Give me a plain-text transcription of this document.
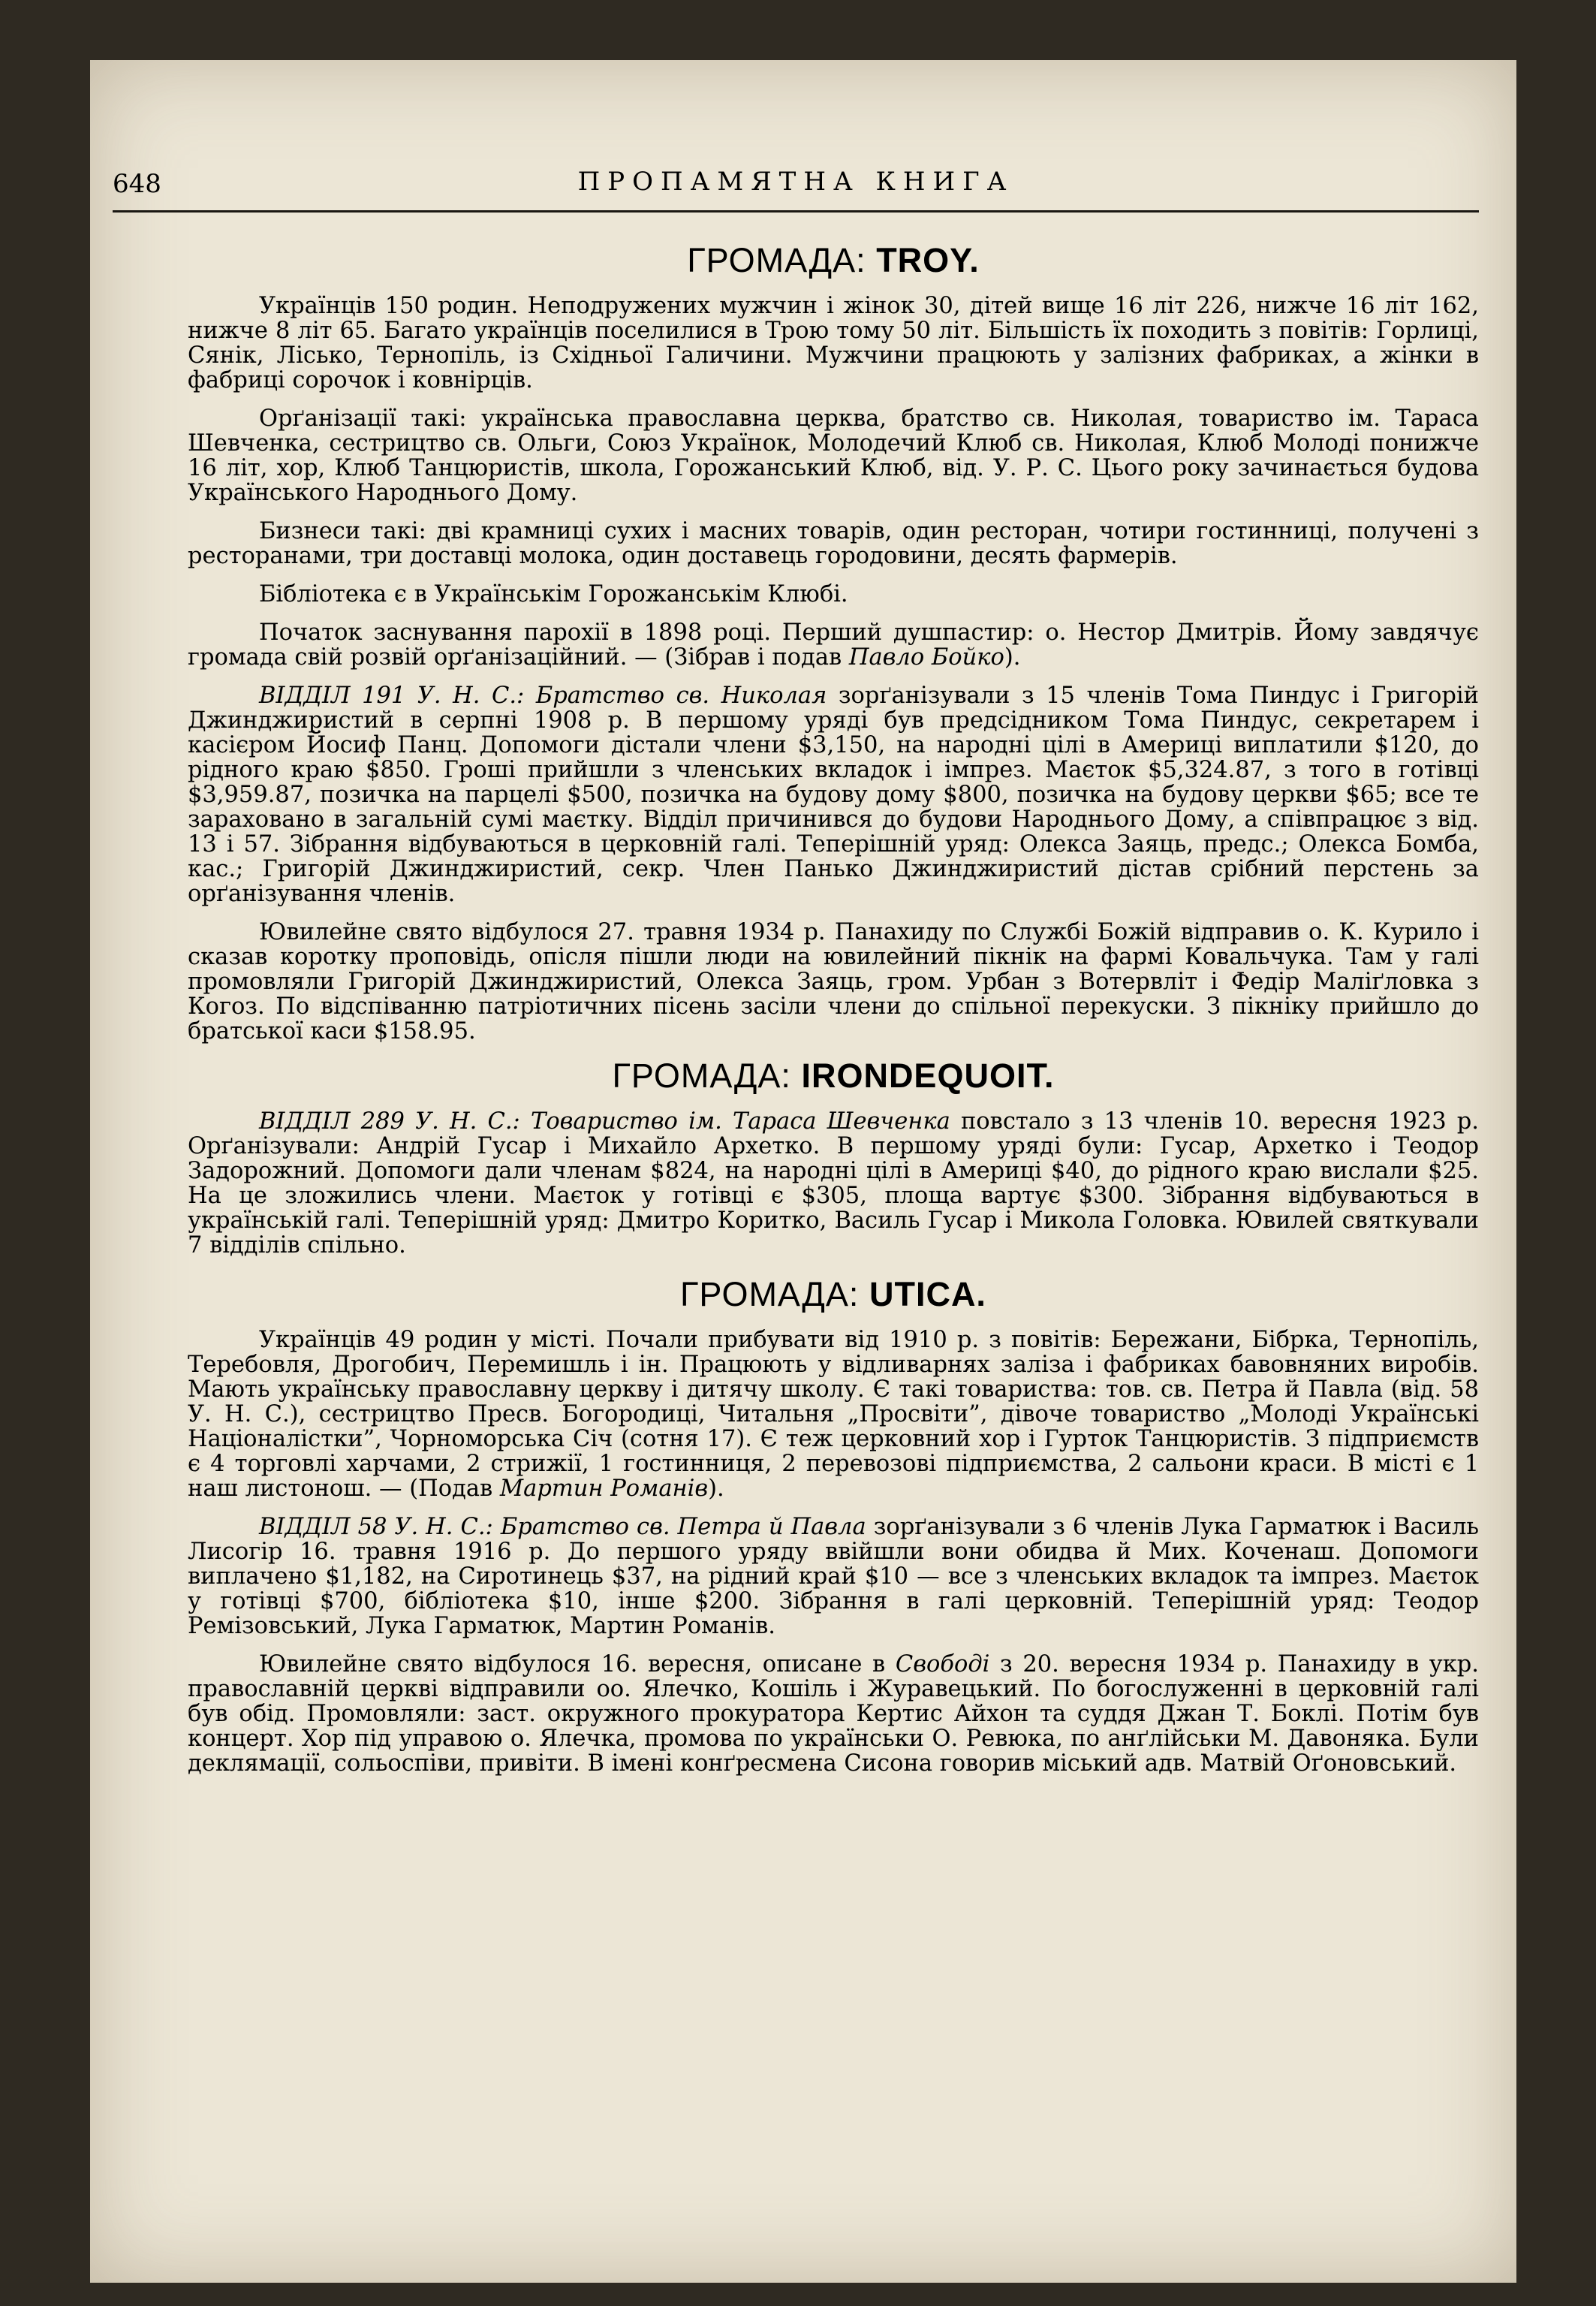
648	ПРОПАМЯТНА КНИГА
ГРОМАДА: TROY.

Українців 150 родин. Неподружених мужчин і жінок 30, дітей вище 16 літ 226, нижче 16 літ 162, нижче 8 літ 65. Багато українців поселилися в Трою тому 50 літ. Більшість їх походить з повітів: Горлиці, Сянік, Лісько, Тернопіль, із Східньої Галичини. Мужчини працюють у залізних фабриках, а жінки в фабриці сорочок і ковнірців.

Орґанізації такі: українська православна церква, братство св. Николая, товариство ім. Тараса Шевченка, сестрицтво св. Ольги, Союз Українок, Молодечий Клюб св. Николая, Клюб Молоді понижче 16 літ, хор, Клюб Танцюристів, школа, Горожанський Клюб, від. У. Р. С. Цього року зачинається будова Українського Народнього Дому.

Бизнеси такі: дві крамниці сухих і масних товарів, один ресторан, чотири гостинниці, получені з ресторанами, три доставці молока, один доставець городовини, десять фармерів.

Бібліотека є в Українськім Горожанськім Клюбі.

Початок заснування парохії в 1898 році. Перший душпастир: о. Нестор Дмитрів. Йому завдячує громада свій розвій орґанізаційний. — (Зібрав і подав Павло Бойко).

ВІДДІЛ 191 У. Н. С.: Братство св. Николая зорґанізували з 15 членів Тома Пиндус і Григорій Джинджиристий в серпні 1908 р. В першому уряді був предсідником Тома Пиндус, секретарем і касієром Йосиф Панц. Допомоги дістали члени $3,150, на народні цілі в Америці виплатили $120, до рідного краю $850. Гроші прийшли з членських вкладок і імпрез. Маєток $5,324.87, з того в готівці $3,959.87, позичка на парцелі $500, позичка на будову дому $800, позичка на будову церкви $65; все те зараховано в загальній сумі маєтку. Відділ причинився до будови Народнього Дому, а співпрацює з від. 13 і 57. Зібрання відбуваються в церковній галі. Теперішній уряд: Олекса Заяць, предс.; Олекса Бомба, кас.; Григорій Джинджиристий, секр. Член Панько Джинджиристий дістав срібний перстень за орґанізування членів.

Ювилейне свято відбулося 27. травня 1934 р. Панахиду по Службі Божій відправив о. К. Курило і сказав коротку проповідь, опісля пішли люди на ювилейний пікнік на фармі Ковальчука. Там у галі промовляли Григорій Джинджиристий, Олекса Заяць, гром. Урбан з Вотервліт і Федір Маліґловка з Когоз. По відспіванню патріотичних пісень засіли члени до спільної перекуски. З пікніку прийшло до братської каси $158.95.

ГРОМАДА: IRONDEQUOIT.

ВІДДІЛ 289 У. Н. С.: Товариство ім. Тараса Шевченка повстало з 13 членів 10. вересня 1923 р. Орґанізували: Андрій Гусар і Михайло Архетко. В першому уряді були: Гусар, Архетко і Теодор Задорожний. Допомоги дали членам $824, на народні цілі в Америці $40, до рідного краю вислали $25. На це зложились члени. Маєток у готівці є $305, площа вартує $300. Зібрання відбуваються в українській галі. Теперішній уряд: Дмитро Коритко, Василь Гусар і Микола Головка. Ювилей святкували 7 відділів спільно.

ГРОМАДА: UTICA.

Українців 49 родин у місті. Почали прибувати від 1910 р. з повітів: Бережани, Бібрка, Тернопіль, Теребовля, Дрогобич, Перемишль і ін. Працюють у відливарнях заліза і фабриках бавовняних виробів. Мають українську православну церкву і дитячу школу. Є такі товариства: тов. св. Петра й Павла (від. 58 У. Н. С.), сестрицтво Пресв. Богородиці, Читальня „Просвіти”, дівоче товариство „Молоді Українські Націоналістки”, Чорноморська Січ (сотня 17). Є теж церковний хор і Гурток Танцюристів. З підприємств є 4 торговлі харчами, 2 стрижії, 1 гостинниця, 2 перевозові підприємства, 2 сальони краси. В місті є 1 наш листонош. — (Подав Мартин Романів).

ВІДДІЛ 58 У. Н. С.: Братство св. Петра й Павла зорґанізували з 6 членів Лука Гарматюк і Василь Лисогір 16. травня 1916 р. До першого уряду ввійшли вони обидва й Мих. Коченаш. Допомоги виплачено $1,182, на Сиротинець $37, на рідний край $10 — все з членських вкладок та імпрез. Маєток у готівці $700, бібліотека $10, інше $200. Зібрання в галі церковній. Теперішній уряд: Теодор Ремізовський, Лука Гарматюк, Мартин Романів.

Ювилейне свято відбулося 16. вересня, описане в Свободі з 20. вересня 1934 р. Панахиду в укр. православній церкві відправили оо. Ялечко, Кошіль і Журавецький. По богослуженні в церковній галі був обід. Промовляли: заст. окружного прокуратора Кертис Айхон та суддя Джан Т. Боклі. Потім був концерт. Хор під управою о. Ялечка, промова по українськи О. Ревюка, по анґлійськи М. Давоняка. Були деклямації, сольоспіви, привіти. В імені конґресмена Сисона говорив міський адв. Матвій Оґоновський.
